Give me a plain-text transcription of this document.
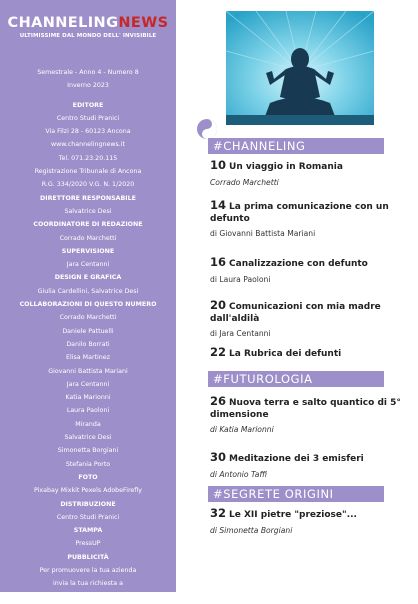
CHANNELINGNEWS
ULTIMISSIME DAL MONDO DELL' INVISIBILE
Semestrale - Anno 4 - Numero 8
Inverno 2023
EDITORE
Centro Studi Pranici
Via Filzi 28 - 60123 Ancona
www.channelingnews.it
Tel. 071.23.20.115
Registrazione Tribunale di Ancona
R.G. 334/2020 V.G. N. 1/2020
DIRETTORE RESPONSABILE
Salvatrice Desi
COORDINATORE DI REDAZIONE
Corrado Marchetti
SUPERVISIONE
Jara Centanni
DESIGN E GRAFICA
Giulia Cardellini, Salvatrice Desi
COLLABORAZIONI DI QUESTO NUMERO
Corrado Marchetti
Daniele Pattuelli
Danilo Borrati
Elisa Martinez
Giovanni Battista Mariani
Jara Centanni
Katia Marionni
Laura Paoloni
Miranda
Salvatrice Desi
Simonetta Borgiani
Stefania Porto
FOTO
Pixabay Mixkit Pexels AdobeFirefly
DISTRIBUZIONE
Centro Studi Pranici
STAMPA
PressUP
PUBBLICITÀ
Per promuovere la tua azienda
invia la tua richiesta a
info@channelingnews.it
#CHANNELING
10 Un viaggio in Romania
Corrado Marchetti
14 La prima comunicazione con un defunto
di Giovanni Battista Mariani
16 Canalizzazione con defunto
di Laura Paoloni
20 Comunicazioni con mia madre dall'aldilà
di Jara Centanni
22 La Rubrica dei defunti
#FUTUROLOGIA
26 Nuova terra e salto quantico di 5° dimensione
di Katia Marionni
30 Meditazione dei 3 emisferi
di Antonio Taffi
#SEGRETE ORIGINI
32 Le XII pietre "preziose"...
di Simonetta Borgiani
